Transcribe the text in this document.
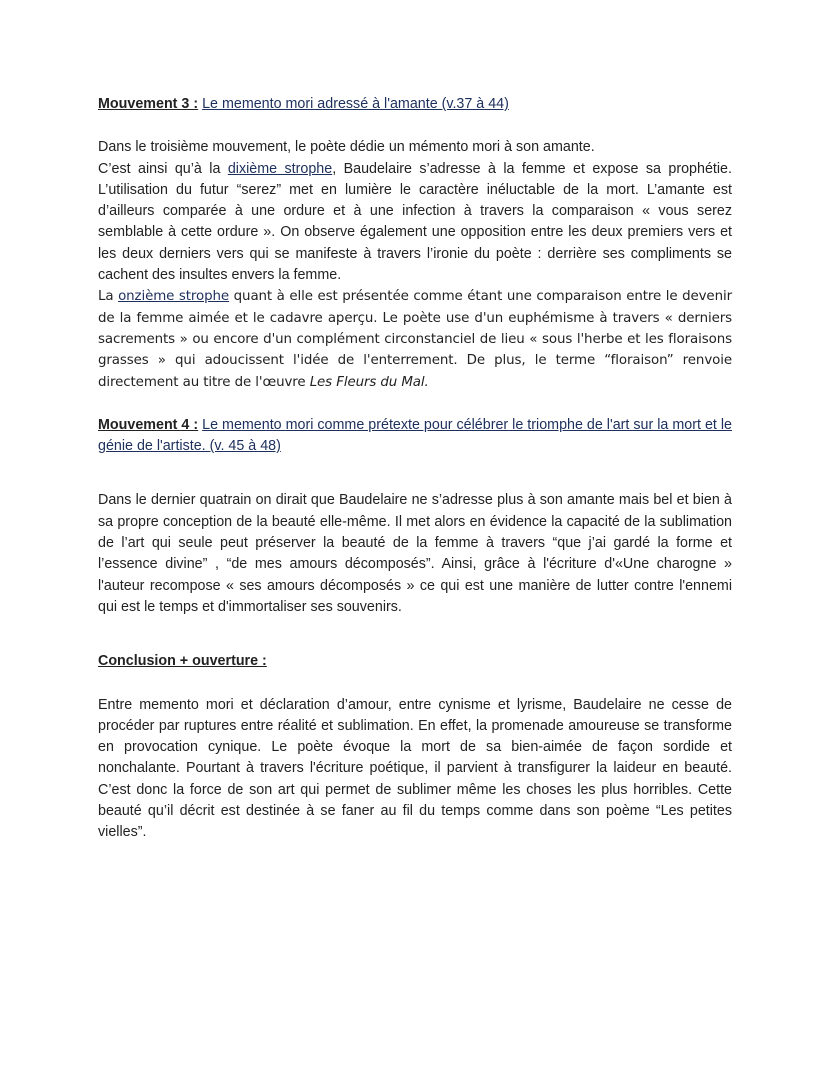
Mouvement 3 : Le memento mori adressé à l'amante (v.37 à 44)

Dans le troisième mouvement, le poète dédie un mémento mori à son amante.

C’est ainsi qu’à la dixième strophe, Baudelaire s’adresse à la femme et expose sa prophétie. L’utilisation du futur “serez” met en lumière le caractère inéluctable de la mort. L’amante est d’ailleurs comparée à une ordure et à une infection à travers la comparaison « vous serez semblable à cette ordure ». On observe également une opposition entre les deux premiers vers et les deux derniers vers qui se manifeste à travers l’ironie du poète : derrière ses compliments se cachent des insultes envers la femme.

La onzième strophe quant à elle est présentée comme étant une comparaison entre le devenir de la femme aimée et le cadavre aperçu. Le poète use d'un euphémisme à travers « derniers sacrements » ou encore d'un complément circonstanciel de lieu « sous l'herbe et les floraisons grasses » qui adoucissent l'idée de l'enterrement. De plus, le terme “floraison” renvoie directement au titre de l'œuvre Les Fleurs du Mal.

Mouvement 4 : Le memento mori comme prétexte pour célébrer le triomphe de l'art sur la mort et le génie de l'artiste. (v. 45 à 48)

Dans le dernier quatrain on dirait que Baudelaire ne s’adresse plus à son amante mais bel et bien à sa propre conception de la beauté elle-même. Il met alors en évidence la capacité de la sublimation de l’art qui seule peut préserver la beauté de la femme à travers “que j’ai gardé la forme et l’essence divine” , “de mes amours décomposés”. Ainsi, grâce à l'écriture d'«Une charogne » l'auteur recompose « ses amours décomposés » ce qui est une manière de lutter contre l'ennemi qui est le temps et d'immortaliser ses souvenirs.

Conclusion + ouverture :

Entre memento mori et déclaration d’amour, entre cynisme et lyrisme, Baudelaire ne cesse de procéder par ruptures entre réalité et sublimation. En effet, la promenade amoureuse se transforme en provocation cynique. Le poète évoque la mort de sa bien-aimée de façon sordide et nonchalante. Pourtant à travers l'écriture poétique, il parvient à transfigurer la laideur en beauté. C’est donc la force de son art qui permet de sublimer même les choses les plus horribles. Cette beauté qu’il décrit est destinée à se faner au fil du temps comme dans son poème “Les petites vielles”.
